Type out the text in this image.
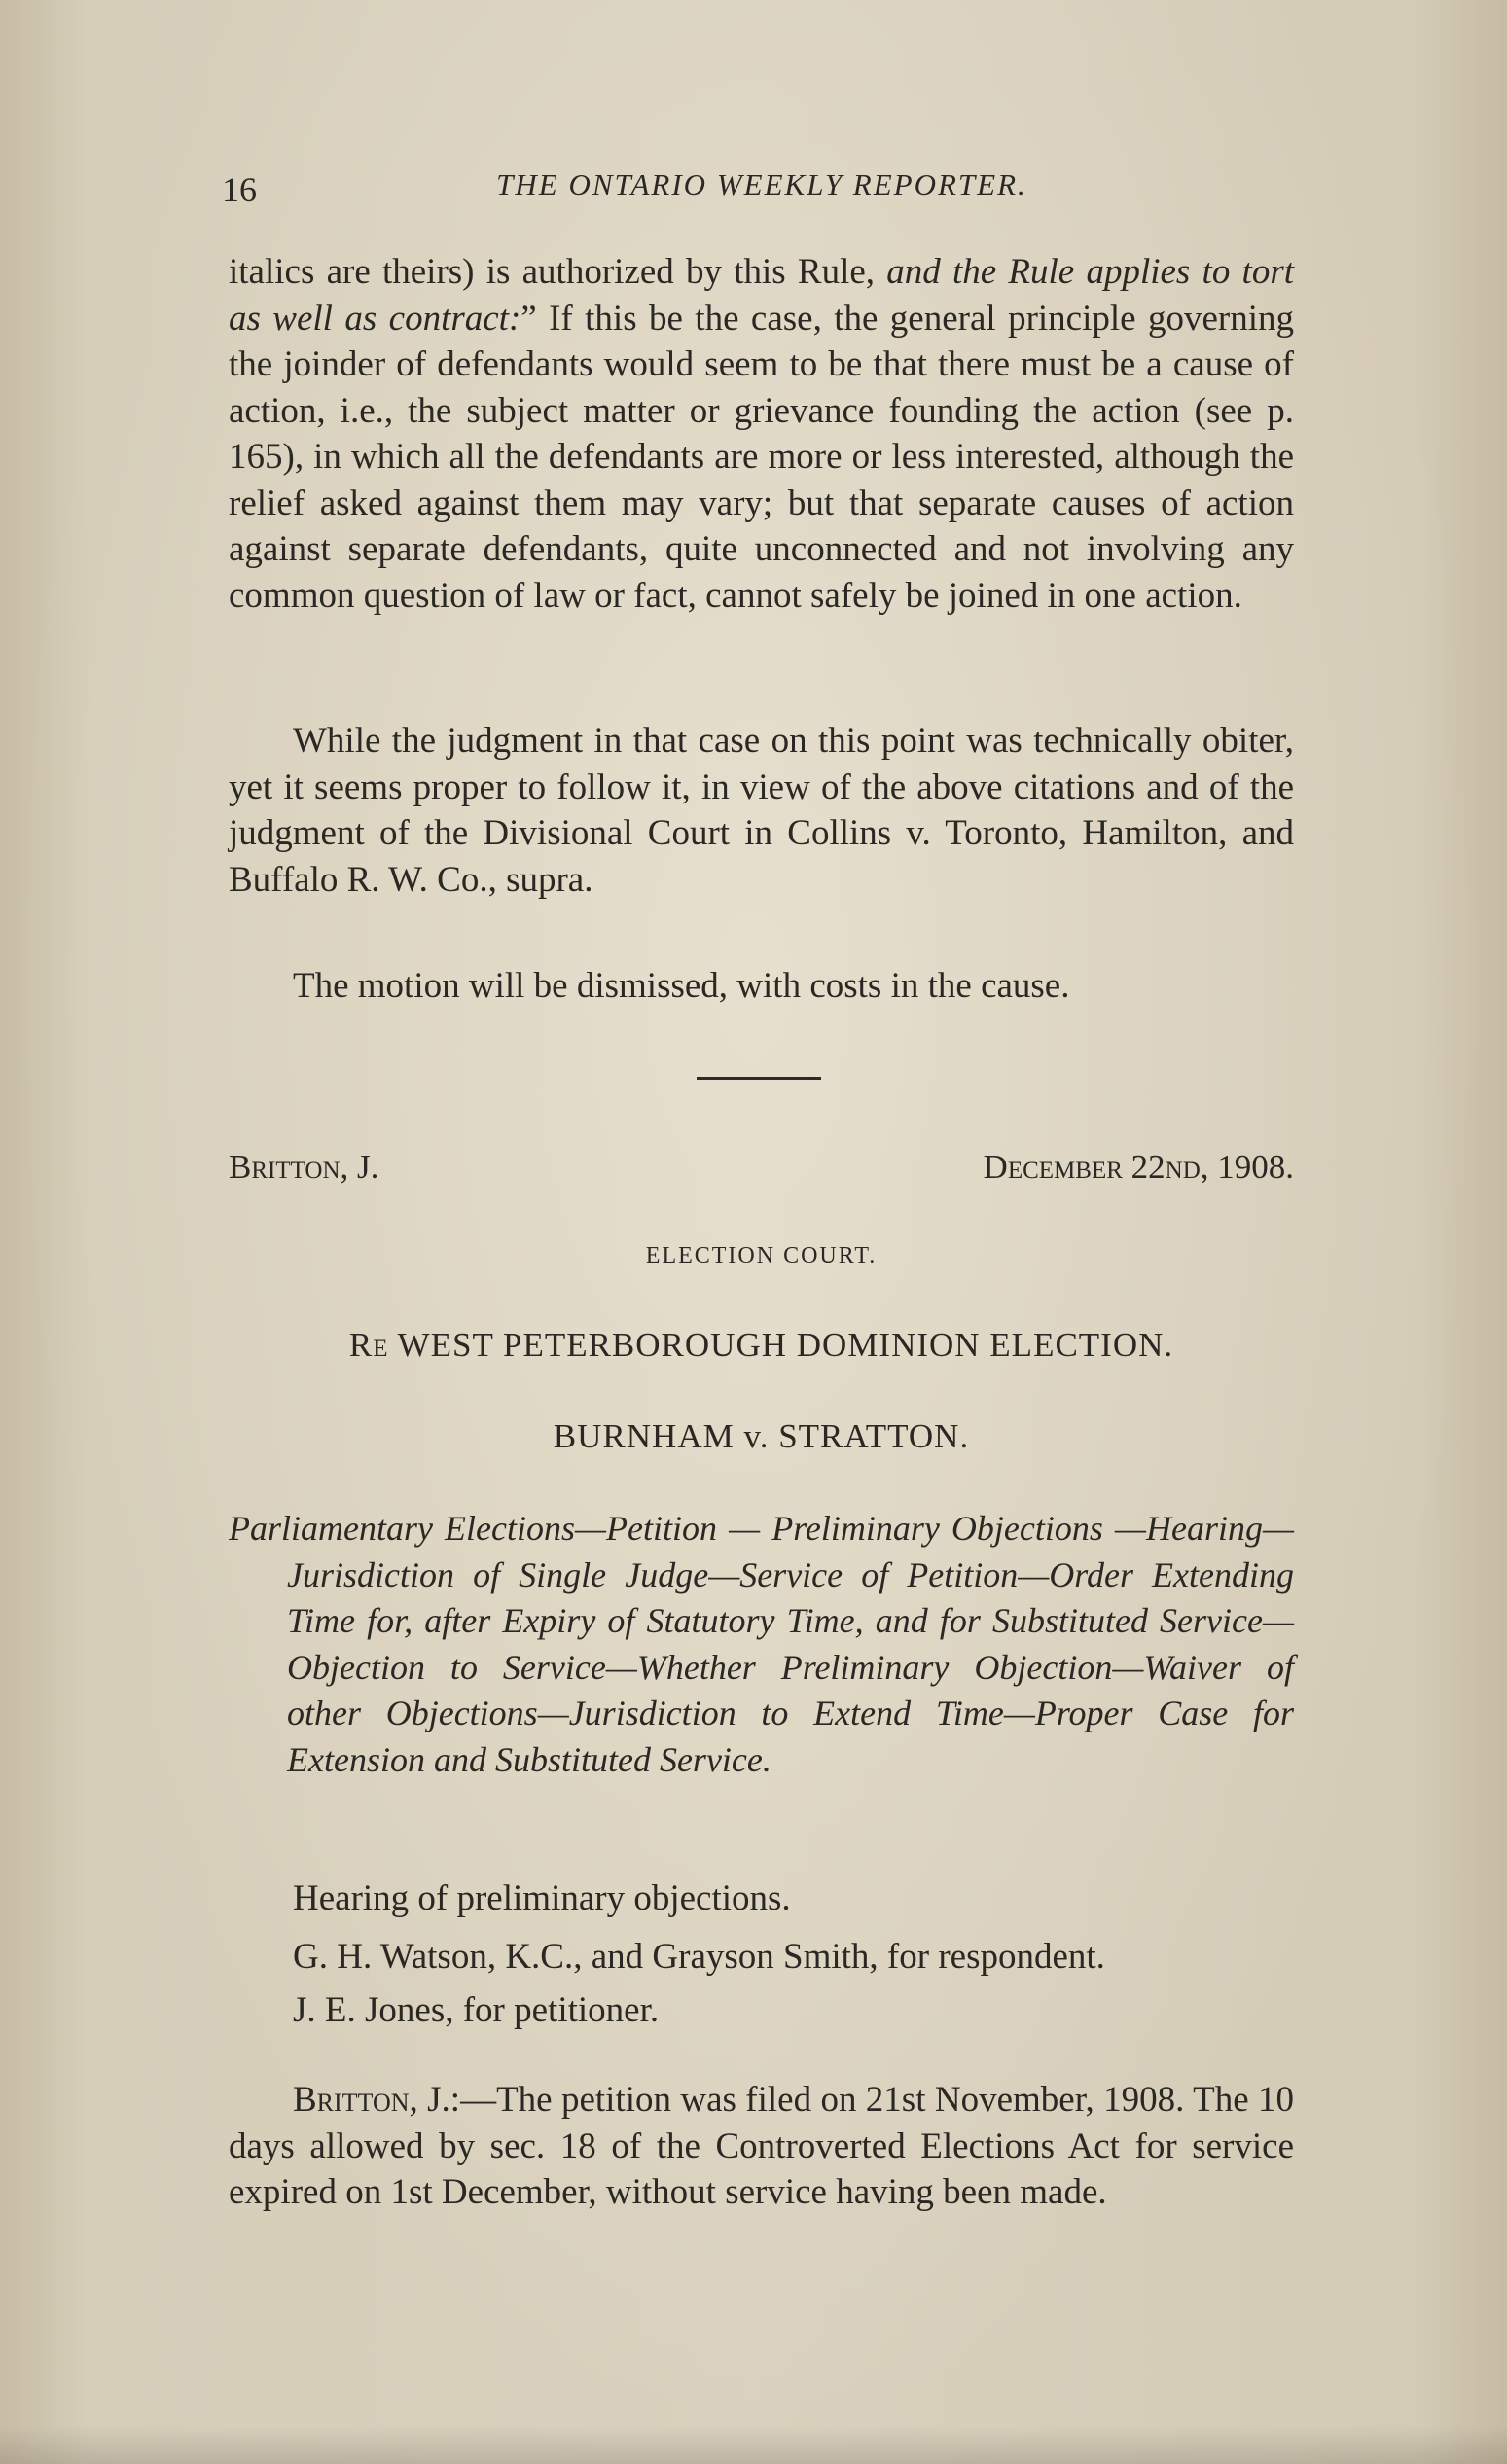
16	THE ONTARIO WEEKLY REPORTER.

italics are theirs) is authorized by this Rule, and the Rule applies to tort as well as contract:” If this be the case, the general principle governing the joinder of defendants would seem to be that there must be a cause of action, i.e., the subject matter or grievance founding the action (see p. 165), in which all the defendants are more or less interested, although the relief asked against them may vary; but that separate causes of action against separate defendants, quite unconnected and not involving any common question of law or fact, cannot safely be joined in one action.

While the judgment in that case on this point was technically obiter, yet it seems proper to follow it, in view of the above citations and of the judgment of the Divisional Court in Collins v. Toronto, Hamilton, and Buffalo R. W. Co., supra.

The motion will be dismissed, with costs in the cause.

Britton, J.	December 22nd, 1908.
ELECTION COURT.
Re WEST PETERBOROUGH DOMINION ELECTION.
BURNHAM v. STRATTON.

Parliamentary Elections—Petition — Preliminary Objections —Hearing—Jurisdiction of Single Judge—Service of Petition—Order Extending Time for, after Expiry of Statutory Time, and for Substituted Service—Objection to Service—Whether Preliminary Objection—Waiver of other Objections—Jurisdiction to Extend Time—Proper Case for Extension and Substituted Service.

Hearing of preliminary objections.

G. H. Watson, K.C., and Grayson Smith, for respondent.

J. E. Jones, for petitioner.

Britton, J.:—The petition was filed on 21st November, 1908. The 10 days allowed by sec. 18 of the Controverted Elections Act for service expired on 1st December, without service having been made.
